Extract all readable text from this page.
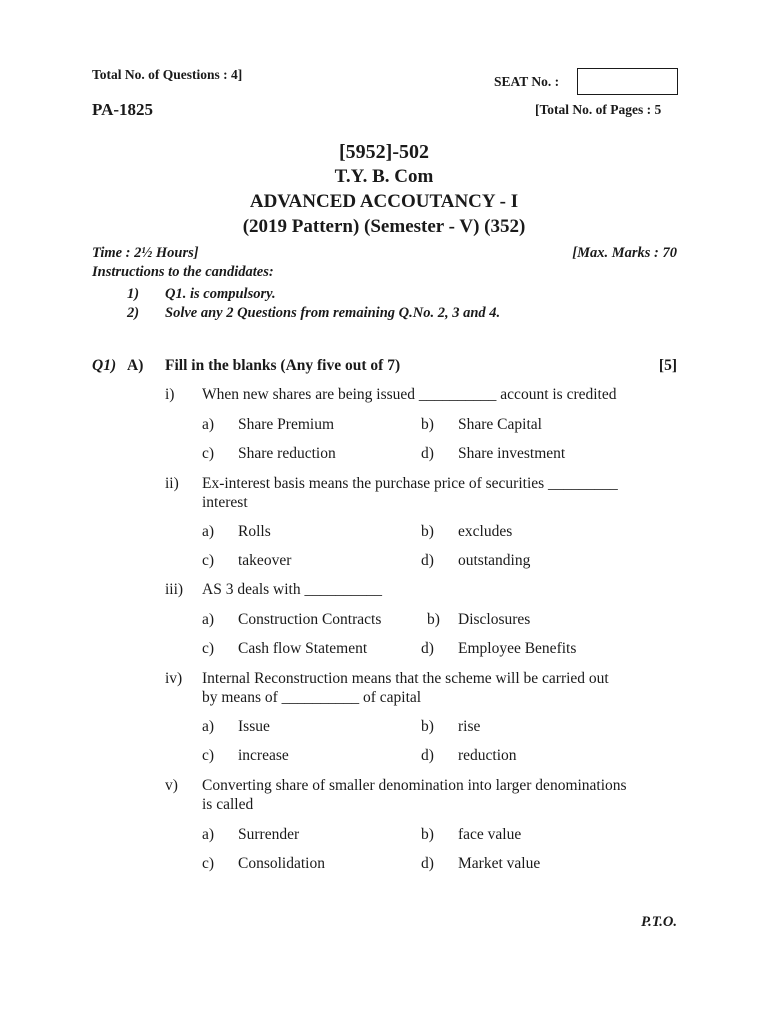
Total No. of Questions : 4]	SEAT No. :
PA-1825	[Total No. of Pages : 5
[5952]-502
T.Y. B. Com
ADVANCED ACCOUTANCY - I
(2019 Pattern) (Semester - V) (352)
Time : 2½ Hours]	[Max. Marks : 70
Instructions to the candidates:
1) Q1. is compulsory.
2) Solve any 2 Questions from remaining Q.No. 2, 3 and 4.
Q1) A) Fill in the blanks (Any five out of 7)	[5]
i) When new shares are being issued __________ account is credited
a) Share Premium	b) Share Capital
c) Share reduction	d) Share investment
ii) Ex-interest basis means the purchase price of securities _________
interest
a) Rolls	b) excludes
c) takeover	d) outstanding
iii) AS 3 deals with __________
a) Construction Contracts	b) Disclosures
c) Cash flow Statement	d) Employee Benefits
iv) Internal Reconstruction means that the scheme will be carried out
by means of __________ of capital
a) Issue	b) rise
c) increase	d) reduction
v) Converting share of smaller denomination into larger denominations
is called
a) Surrender	b) face value
c) Consolidation	d) Market value
P.T.O.
